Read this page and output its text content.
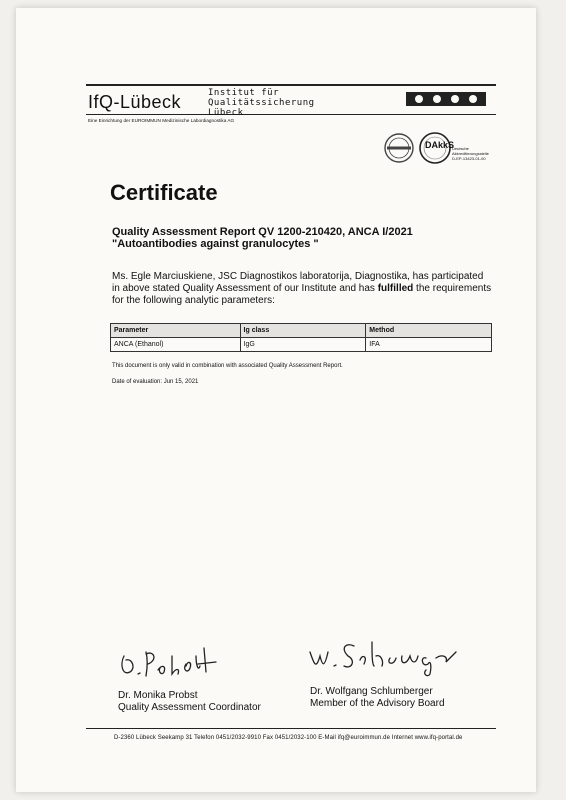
IfQ-Lübeck	Institut für
Qualitätssicherung
Lübeck
Eine Einrichtung der EUROIMMUN Medizinische Labordiagnostika AG
DAkkS
Deutsche
Akkreditierungsstelle
D-EP-13423-01-00
Certificate
Quality Assessment Report QV 1200-210420, ANCA I/2021
"Autoantibodies against granulocytes "
Ms. Egle Marciuskiene, JSC Diagnostikos laboratorija, Diagnostika, has participated in above stated Quality Assessment of our Institute and has fulfilled the requirements for the following analytic parameters:
Parameter	Ig class	Method
ANCA (Ethanol)	IgG	IFA
This document is only valid in combination with associated Quality Assessment Report.
Date of evaluation: Jun 15, 2021
Dr. Monika Probst
Quality Assessment Coordinator
Dr. Wolfgang Schlumberger
Member of the Advisory Board
D-2360 Lübeck Seekamp 31 Telefon 0451/2032-9910 Fax 0451/2032-100 E-Mail ifq@euroimmun.de Internet www.ifq-portal.de
